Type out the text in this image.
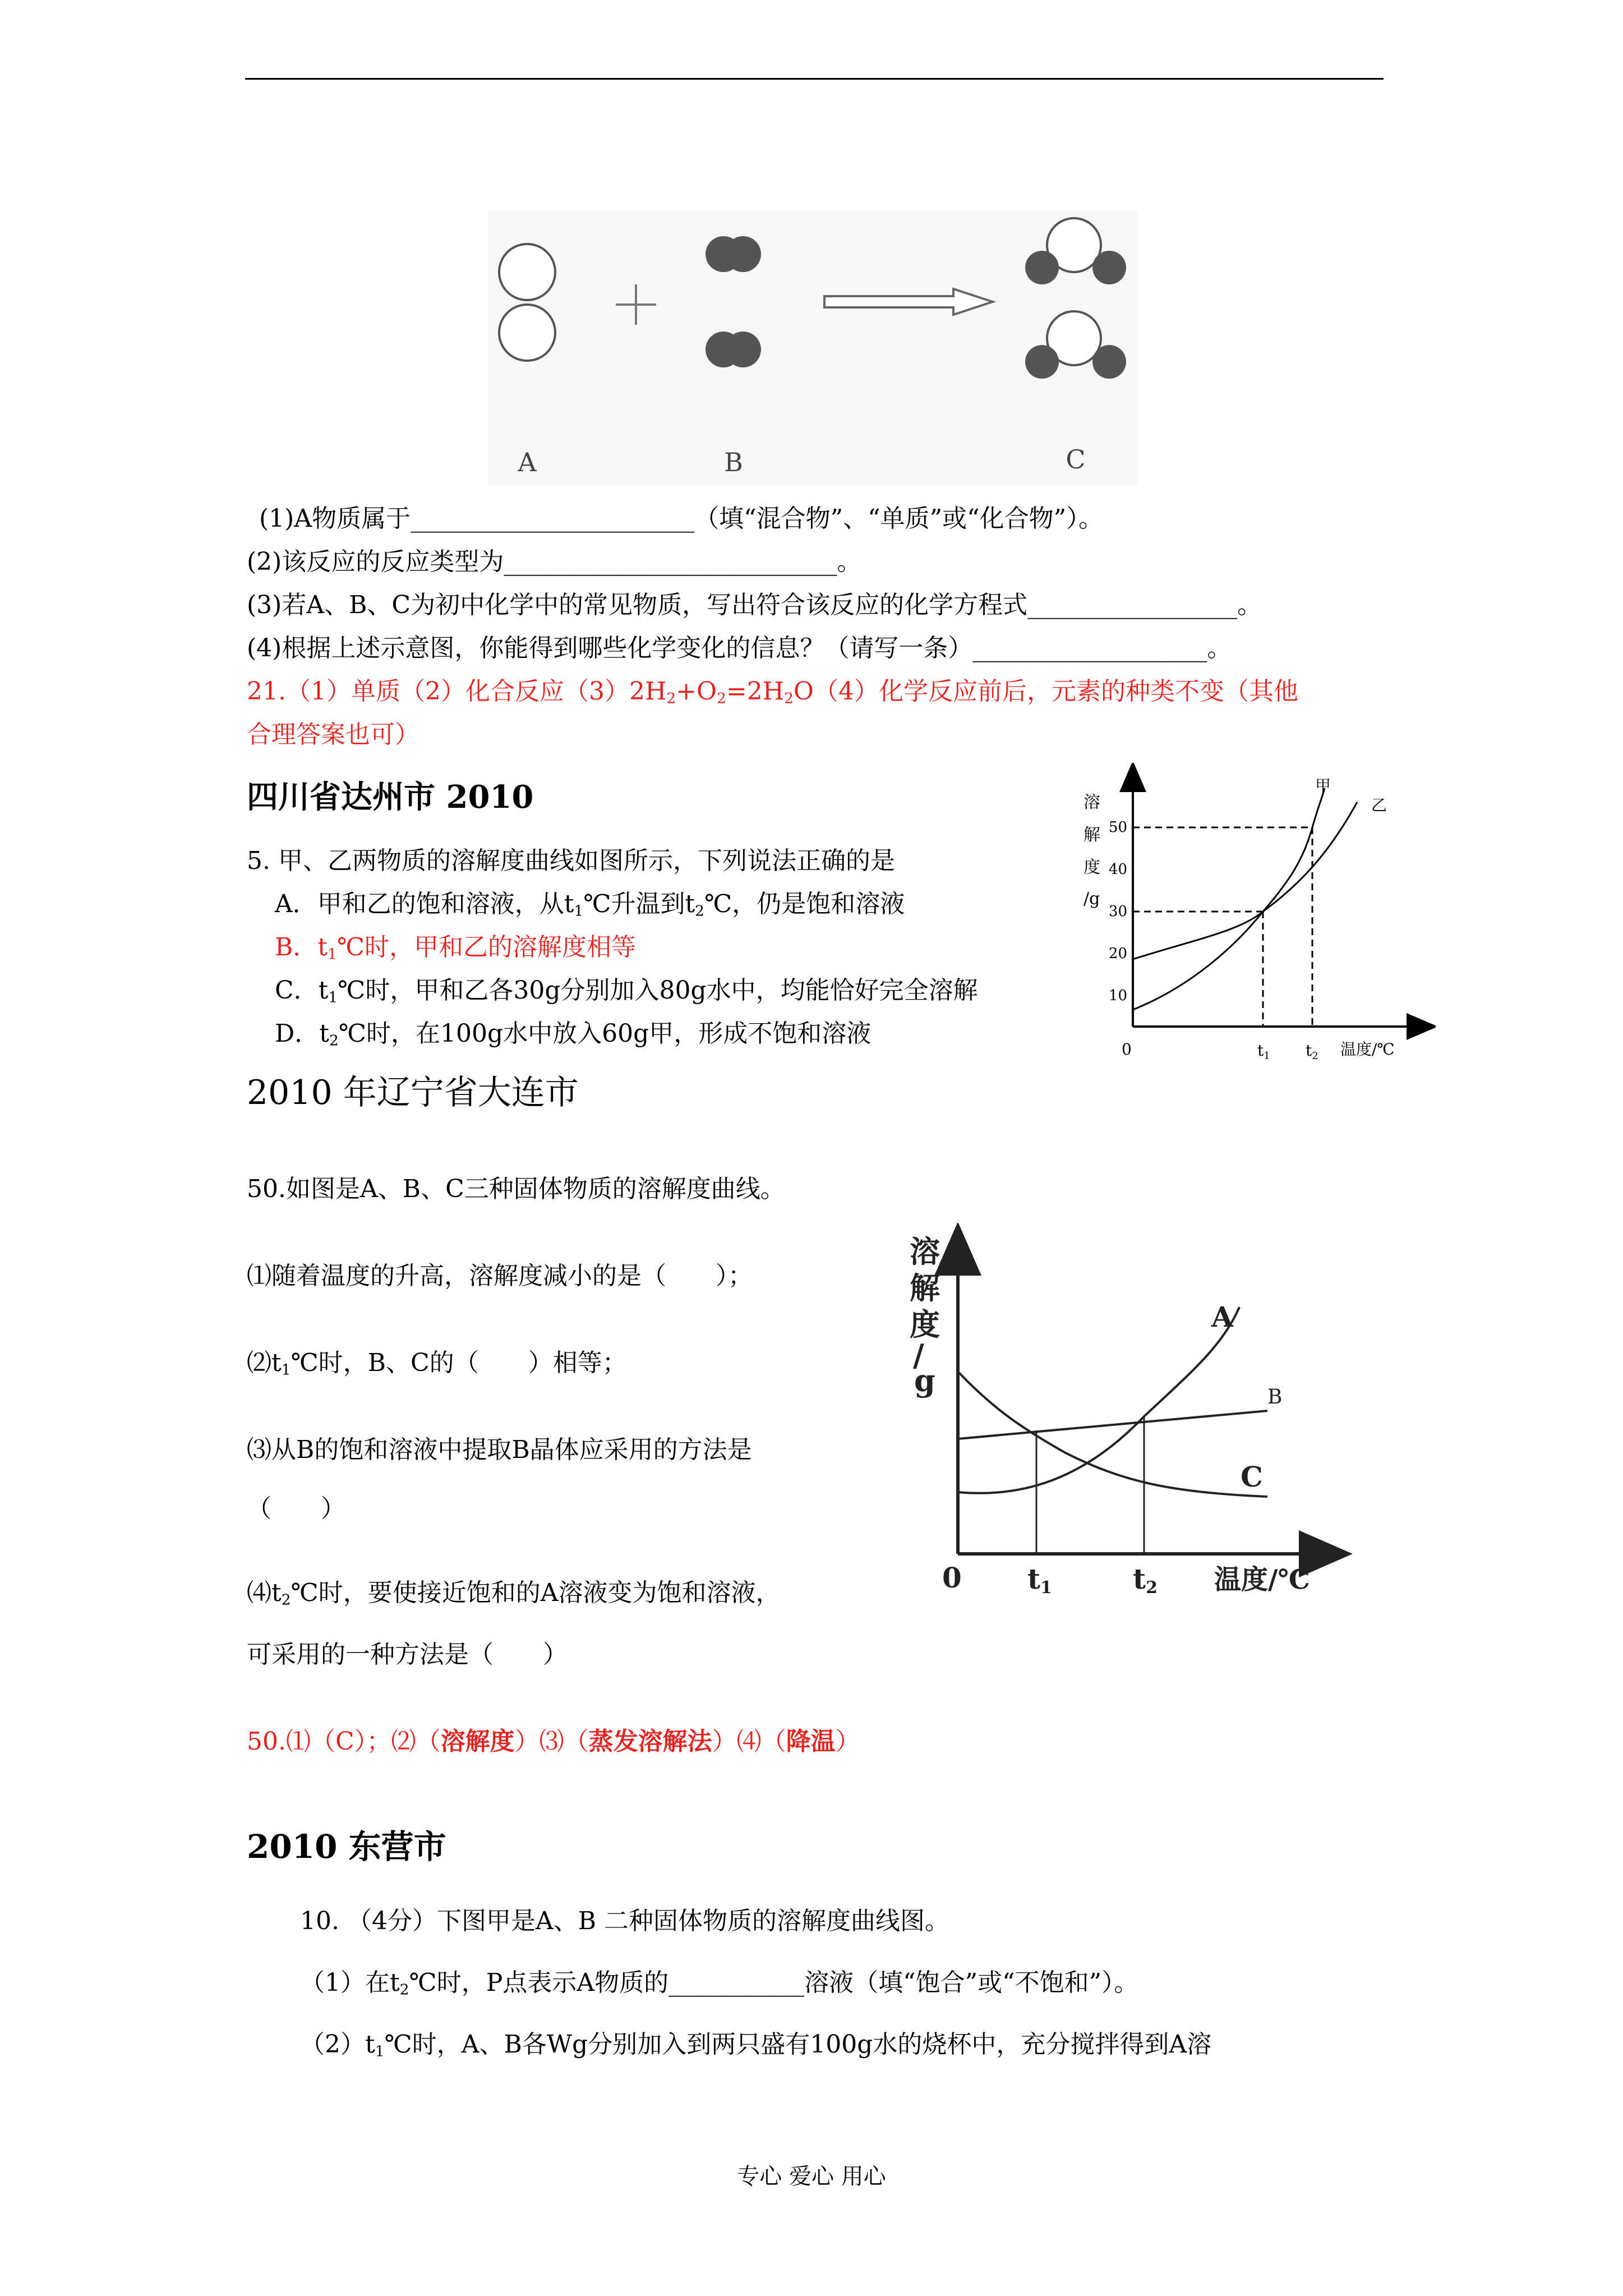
A	B	C
(1)A物质属于_______________________（填“混合物”、“单质”或“化合物”）。
(2)该反应的反应类型为___________________________。
(3)若A、B、C为初中化学中的常见物质，写出符合该反应的化学方程式_________________。
(4)根据上述示意图，你能得到哪些化学变化的信息？（请写一条）___________________。
21.（1）单质（2）化合反应$(3)2H_2+O_2=2H_2O(4)$化学反应前后，元素的种类不变（其他
合理答案也可）
四川省达州市 2010
5. 甲、乙两物质的溶解度曲线如图所示，下列说法正确的是
A．甲和乙的饱和溶液，从$t_1℃$升温到$t_2℃$，仍是饱和溶液
B．$t_1℃$时，甲和乙的溶解度相等
C．$t_1℃$时，甲和乙各30g分别加入80g水中，均能恰好完全溶解
D．$t_2℃$时，在100g水中放入60g甲，形成不饱和溶液
溶
解
度
/g
50
40
30
20
10
甲
乙
0	$t_1$ $t_2$ 温度/℃
2010 年辽宁省大连市
50.如图是A、B、C三种固体物质的溶解度曲线。
⑴随着温度的升高，溶解度减小的是（　　）；
$⑵t_1℃$时，B、C的（　　）相等；
⑶从B的饱和溶液中提取B晶体应采用的方法是
（　　）
$⑷t_2℃$时，要使接近饱和的A溶液变为饱和溶液，
可采用的一种方法是（　　）
50.⑴（C）；⑵（溶解度）⑶（蒸发溶解法）⑷（降温）
溶
解
度
/
g
A
B
C
0 t1	t2 温度/℃
2010 东营市
10. （4分）下图甲是A、B 二种固体物质的溶解度曲线图。
（1）在$t_2℃$时，P点表示A物质的___________溶液（填“饱合”或“不饱和”）。
$(2)t_1℃$时，A、B各Wg分别加入到两只盛有100g水的烧杯中，充分搅拌得到A溶
专心 爱心 用心
